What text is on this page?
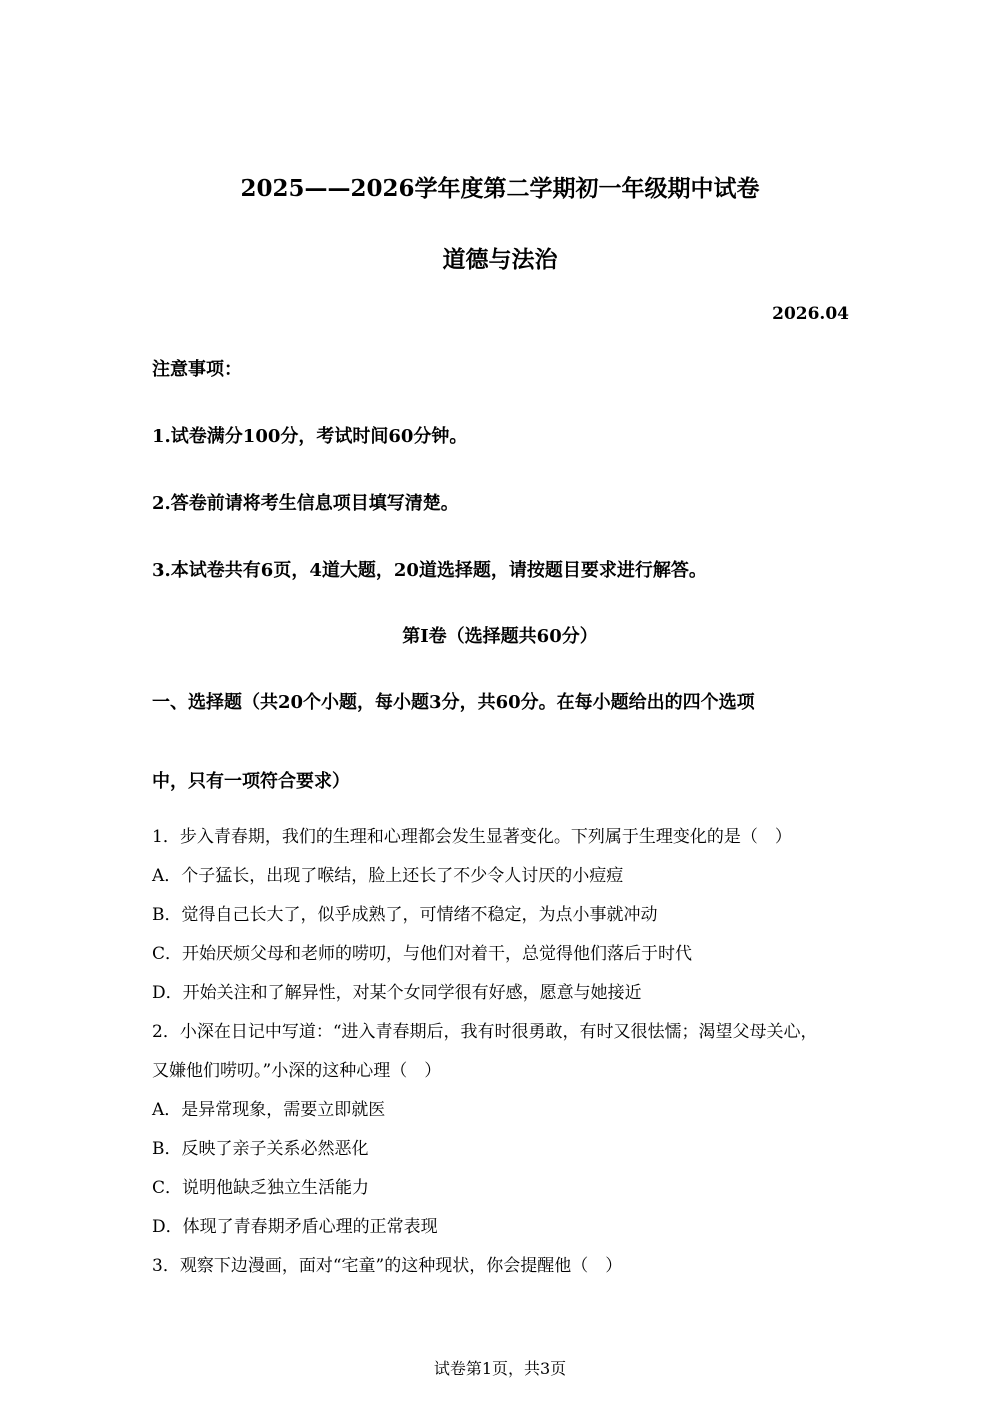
2025——2026学年度第二学期初一年级期中试卷
道德与法治
2026.04
注意事项：
1.试卷满分100分，考试时间60分钟。
2.答卷前请将考生信息项目填写清楚。
3.本试卷共有6页，4道大题，20道选择题，请按题目要求进行解答。
第Ⅰ卷（选择题共60分）
一、选择题（共20个小题，每小题3分，共60分。在每小题给出的四个选项
中，只有一项符合要求）
1．步入青春期，我们的生理和心理都会发生显著变化。下列属于生理变化的是（　）
A．个子猛长，出现了喉结，脸上还长了不少令人讨厌的小痘痘
B．觉得自己长大了，似乎成熟了，可情绪不稳定，为点小事就冲动
C．开始厌烦父母和老师的唠叨，与他们对着干，总觉得他们落后于时代
D．开始关注和了解异性，对某个女同学很有好感，愿意与她接近
2．小深在日记中写道：“进入青春期后，我有时很勇敢，有时又很怯懦；渴望父母关心，
又嫌他们唠叨。”小深的这种心理（　）
A．是异常现象，需要立即就医
B．反映了亲子关系必然恶化
C．说明他缺乏独立生活能力
D．体现了青春期矛盾心理的正常表现
3．观察下边漫画，面对“宅童”的这种现状，你会提醒他（　）
试卷第1页，共3页
